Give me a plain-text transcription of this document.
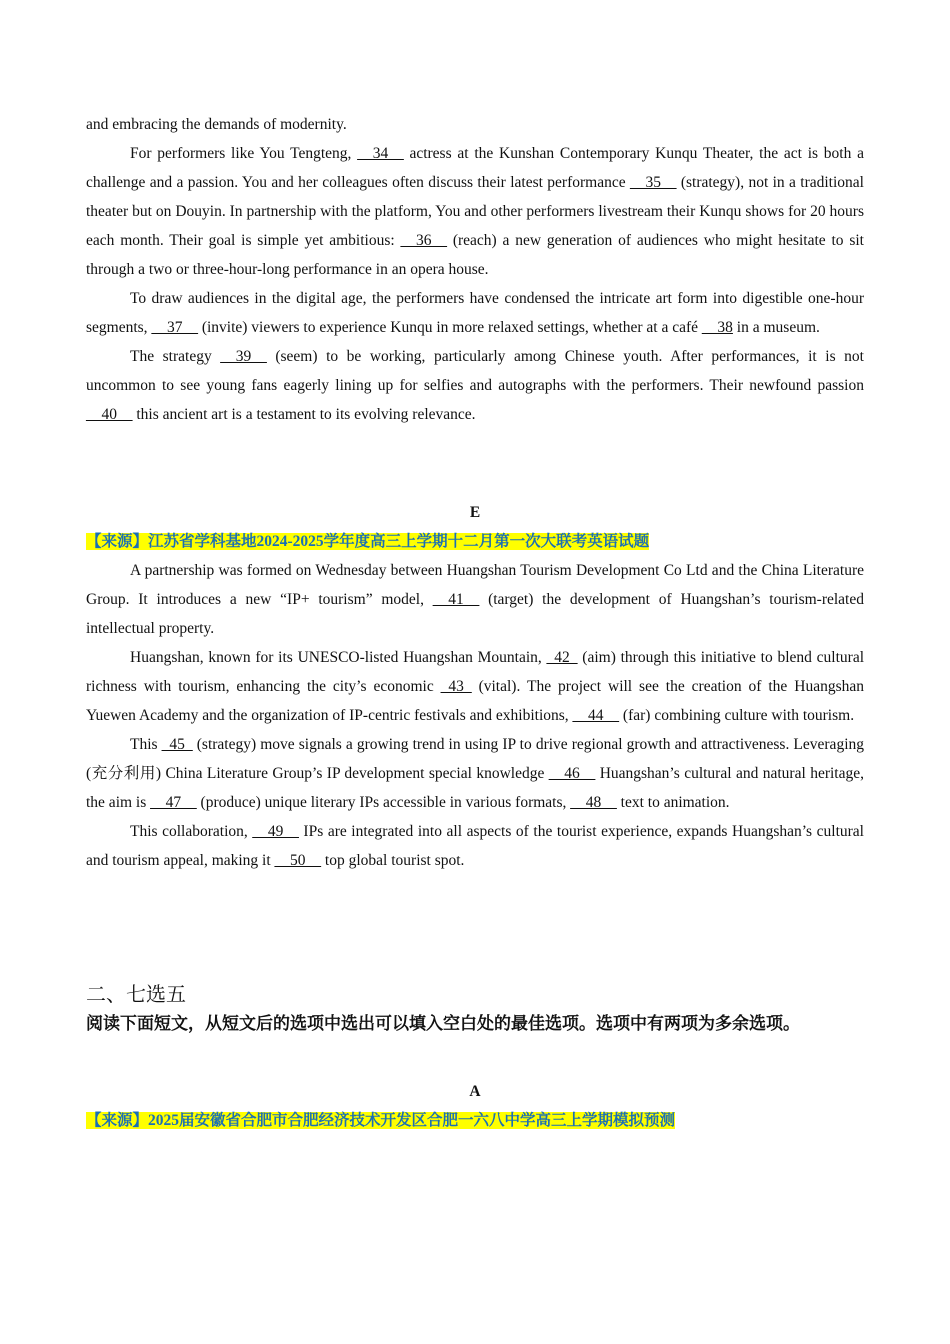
and embracing the demands of modernity.

For performers like You Tengteng, __34__ actress at the Kunshan Contemporary Kunqu Theater, the act is both a challenge and a passion. You and her colleagues often discuss their latest performance __35__ (strategy), not in a traditional theater but on Douyin. In partnership with the platform, You and other performers livestream their Kunqu shows for 20 hours each month. Their goal is simple yet ambitious: __36__ (reach) a new generation of audiences who might hesitate to sit through a two or three-hour-long performance in an opera house.

To draw audiences in the digital age, the performers have condensed the intricate art form into digestible one-hour segments, __37__ (invite) viewers to experience Kunqu in more relaxed settings, whether at a café __38 in a museum.

The strategy __39__ (seem) to be working, particularly among Chinese youth. After performances, it is not uncommon to see young fans eagerly lining up for selfies and autographs with the performers. Their newfound passion __40__ this ancient art is a testament to its evolving relevance.

E

【来源】江苏省学科基地2024-2025学年度高三上学期十二月第一次大联考英语试题

A partnership was formed on Wednesday between Huangshan Tourism Development Co Ltd and the China Literature Group. It introduces a new “IP+ tourism” model, __41__ (target) the development of Huangshan’s tourism-related intellectual property.

Huangshan, known for its UNESCO-listed Huangshan Mountain, _42_ (aim) through this initiative to blend cultural richness with tourism, enhancing the city’s economic _43_ (vital). The project will see the creation of the Huangshan Yuewen Academy and the organization of IP-centric festivals and exhibitions, __44__ (far) combining culture with tourism.

This _45_ (strategy) move signals a growing trend in using IP to drive regional growth and attractiveness. Leveraging (充分利用) China Literature Group’s IP development special knowledge __46__ Huangshan’s cultural and natural heritage, the aim is __47__ (produce) unique literary IPs accessible in various formats, __48__ text to animation.

This collaboration, __49__ IPs are integrated into all aspects of the tourist experience, expands Huangshan’s cultural and tourism appeal, making it __50__ top global tourist spot.

二、七选五

阅读下面短文，从短文后的选项中选出可以填入空白处的最佳选项。选项中有两项为多余选项。

A

【来源】2025届安徽省合肥市合肥经济技术开发区合肥一六八中学高三上学期模拟预测
